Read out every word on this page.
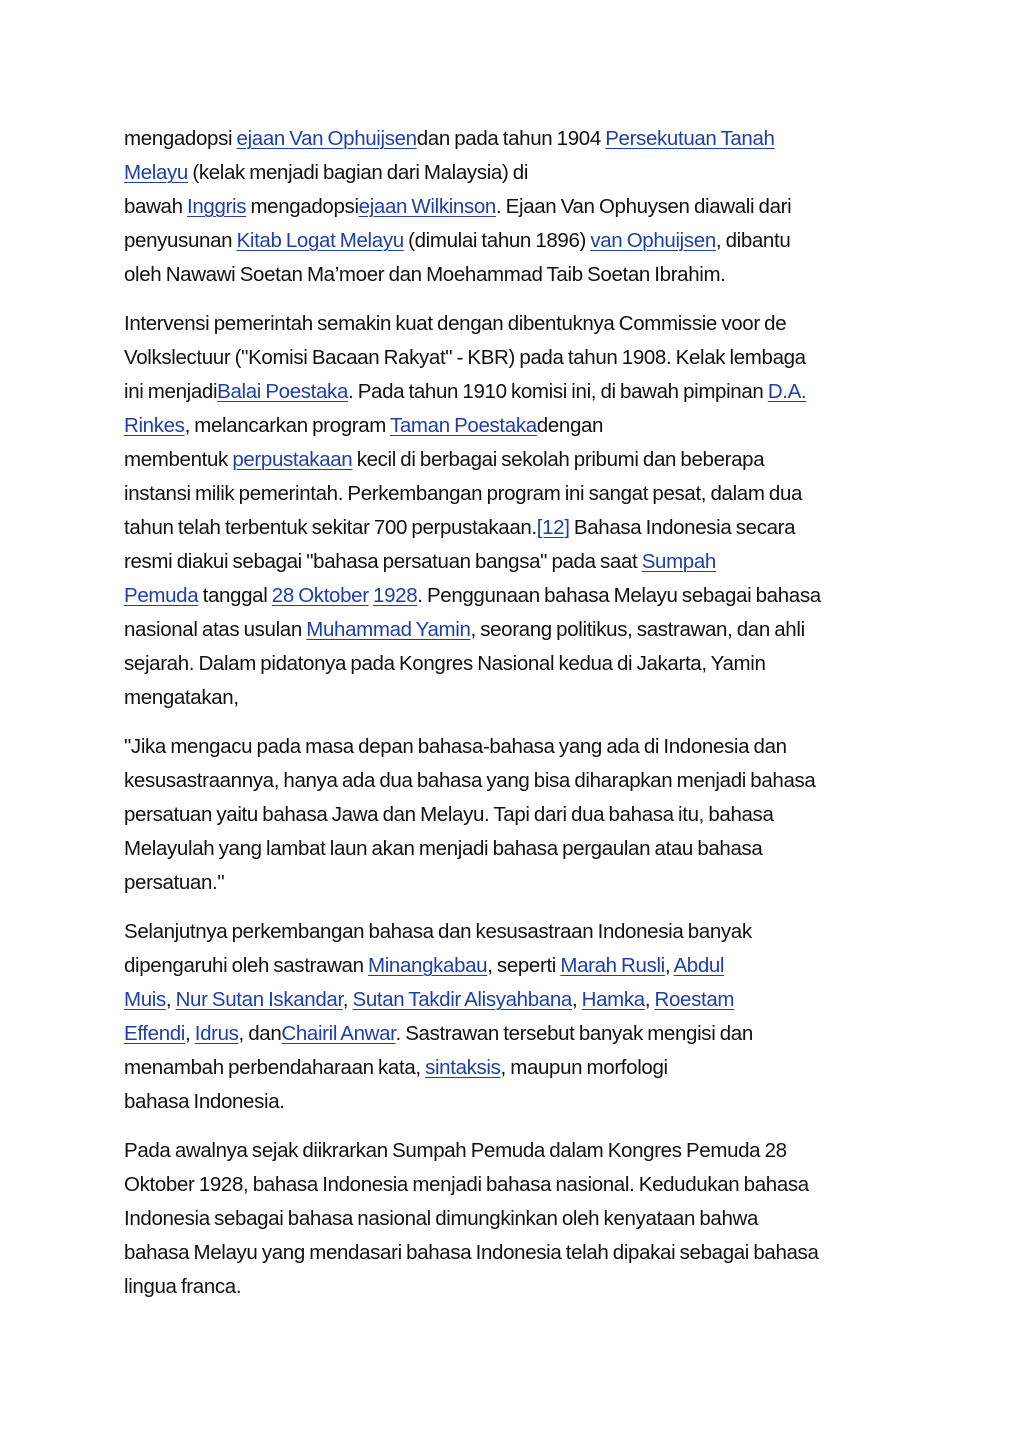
mengadopsi ejaan Van Ophuijsendan pada tahun 1904 Persekutuan Tanah
Melayu (kelak menjadi bagian dari Malaysia) di
bawah Inggris mengadopsiejaan Wilkinson. Ejaan Van Ophuysen diawali dari
penyusunan Kitab Logat Melayu (dimulai tahun 1896) van Ophuijsen, dibantu
oleh Nawawi Soetan Ma’moer dan Moehammad Taib Soetan Ibrahim.

Intervensi pemerintah semakin kuat dengan dibentuknya Commissie voor de
Volkslectuur ("Komisi Bacaan Rakyat" - KBR) pada tahun 1908. Kelak lembaga
ini menjadiBalai Poestaka. Pada tahun 1910 komisi ini, di bawah pimpinan D.A.
Rinkes, melancarkan program Taman Poestakadengan
membentuk perpustakaan kecil di berbagai sekolah pribumi dan beberapa
instansi milik pemerintah. Perkembangan program ini sangat pesat, dalam dua
tahun telah terbentuk sekitar 700 perpustakaan.[12] Bahasa Indonesia secara
resmi diakui sebagai "bahasa persatuan bangsa" pada saat Sumpah
Pemuda tanggal 28 Oktober 1928. Penggunaan bahasa Melayu sebagai bahasa
nasional atas usulan Muhammad Yamin, seorang politikus, sastrawan, dan ahli
sejarah. Dalam pidatonya pada Kongres Nasional kedua di Jakarta, Yamin
mengatakan,

"Jika mengacu pada masa depan bahasa-bahasa yang ada di Indonesia dan
kesusastraannya, hanya ada dua bahasa yang bisa diharapkan menjadi bahasa
persatuan yaitu bahasa Jawa dan Melayu. Tapi dari dua bahasa itu, bahasa
Melayulah yang lambat laun akan menjadi bahasa pergaulan atau bahasa
persatuan."

Selanjutnya perkembangan bahasa dan kesusastraan Indonesia banyak
dipengaruhi oleh sastrawan Minangkabau, seperti Marah Rusli, Abdul
Muis, Nur Sutan Iskandar, Sutan Takdir Alisyahbana, Hamka, Roestam
Effendi, Idrus, danChairil Anwar. Sastrawan tersebut banyak mengisi dan
menambah perbendaharaan kata, sintaksis, maupun morfologi
bahasa Indonesia.

Pada awalnya sejak diikrarkan Sumpah Pemuda dalam Kongres Pemuda 28
Oktober 1928, bahasa Indonesia menjadi bahasa nasional. Kedudukan bahasa
Indonesia sebagai bahasa nasional dimungkinkan oleh kenyataan bahwa
bahasa Melayu yang mendasari bahasa Indonesia telah dipakai sebagai bahasa
lingua franca.
